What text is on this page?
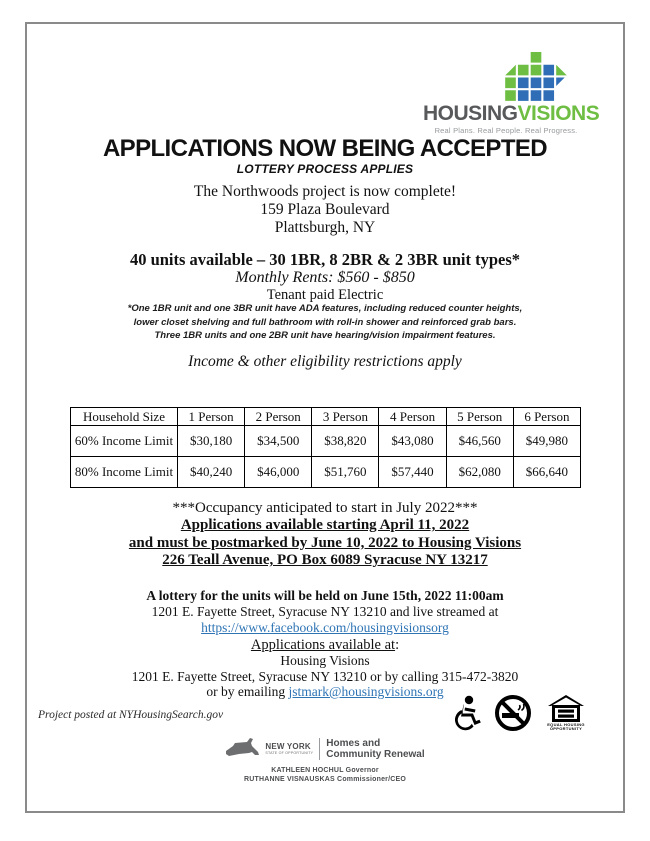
HOUSINGVISIONS
Real Plans. Real People. Real Progress.
APPLICATIONS NOW BEING ACCEPTED
LOTTERY PROCESS APPLIES
The Northwoods project is now complete!
159 Plaza Boulevard
Plattsburgh, NY
40 units available – 30 1BR, 8 2BR & 2 3BR unit types*
Monthly Rents: $560 - $850
Tenant paid Electric
*One 1BR unit and one 3BR unit have ADA features, including reduced counter heights,
lower closet shelving and full bathroom with roll-in shower and reinforced grab bars.
Three 1BR units and one 2BR unit have hearing/vision impairment features.
Income & other eligibility restrictions apply
Household Size	1 Person	2 Person	3 Person	4 Person	5 Person	6 Person
60% Income Limit	$30,180	$34,500	$38,820	$43,080	$46,560	$49,980
80% Income Limit	$40,240	$46,000	$51,760	$57,440	$62,080	$66,640
***Occupancy anticipated to start in July 2022***
Applications available starting April 11, 2022
and must be postmarked by June 10, 2022 to Housing Visions
226 Teall Avenue, PO Box 6089 Syracuse NY 13217
A lottery for the units will be held on June 15th, 2022 11:00am
1201 E. Fayette Street, Syracuse NY 13210 and live streamed at https://www.facebook.com/housingvisionsorg
Applications available at:
Housing Visions
1201 E. Fayette Street, Syracuse NY 13210 or by calling 315-472-3820
or by emailing jstmark@housingvisions.org
EQUAL HOUSING
OPPORTUNITY
Project posted at NYHousingSearch.gov
NEW YORK
STATE OF OPPORTUNITY
Homes and
Community Renewal
KATHLEEN HOCHUL Governor
RUTHANNE VISNAUSKAS Commissioner/CEO
